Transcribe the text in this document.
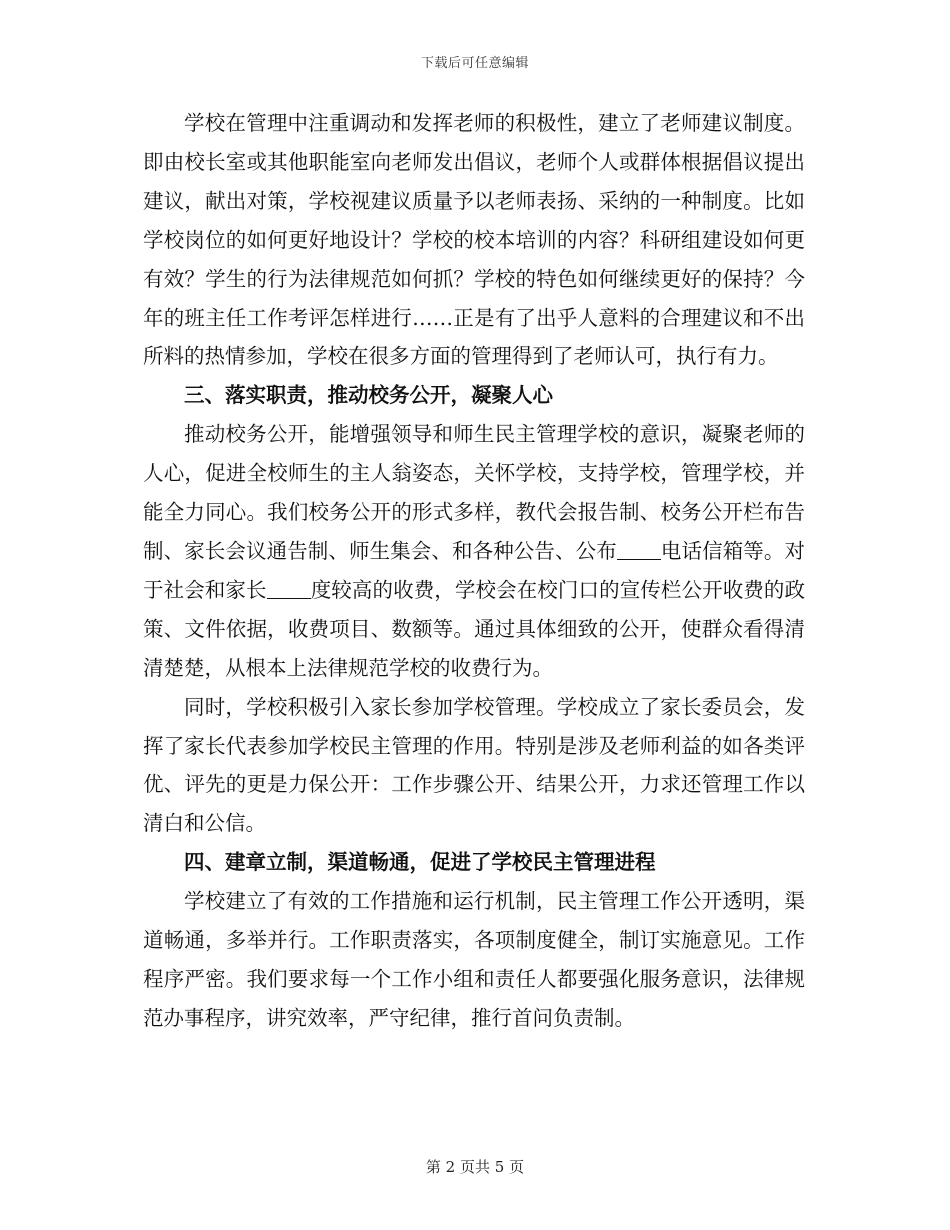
下载后可任意编辑

学校在管理中注重调动和发挥老师的积极性，建立了老师建议制度。即由校长室或其他职能室向老师发出倡议，老师个人或群体根据倡议提出建议，献出对策，学校视建议质量予以老师表扬、采纳的一种制度。比如学校岗位的如何更好地设计？学校的校本培训的内容？科研组建设如何更有效？学生的行为法律规范如何抓？学校的特色如何继续更好的保持？今年的班主任工作考评怎样进行……正是有了出乎人意料的合理建议和不出所料的热情参加，学校在很多方面的管理得到了老师认可，执行有力。

三、落实职责，推动校务公开，凝聚人心

推动校务公开，能增强领导和师生民主管理学校的意识，凝聚老师的人心，促进全校师生的主人翁姿态，关怀学校，支持学校，管理学校，并能全力同心。我们校务公开的形式多样，教代会报告制、校务公开栏布告制、家长会议通告制、师生集会、和各种公告、公布 电话信箱等。对于社会和家长 度较高的收费，学校会在校门口的宣传栏公开收费的政策、文件依据，收费项目、数额等。通过具体细致的公开，使群众看得清清楚楚，从根本上法律规范学校的收费行为。

同时，学校积极引入家长参加学校管理。学校成立了家长委员会，发挥了家长代表参加学校民主管理的作用。特别是涉及老师利益的如各类评优、评先的更是力保公开：工作步骤公开、结果公开，力求还管理工作以清白和公信。

四、建章立制，渠道畅通，促进了学校民主管理进程

学校建立了有效的工作措施和运行机制，民主管理工作公开透明，渠道畅通，多举并行。工作职责落实，各项制度健全，制订实施意见。工作程序严密。我们要求每一个工作小组和责任人都要强化服务意识，法律规范办事程序，讲究效率，严守纪律，推行首问负责制。

第 2 页共 5 页
